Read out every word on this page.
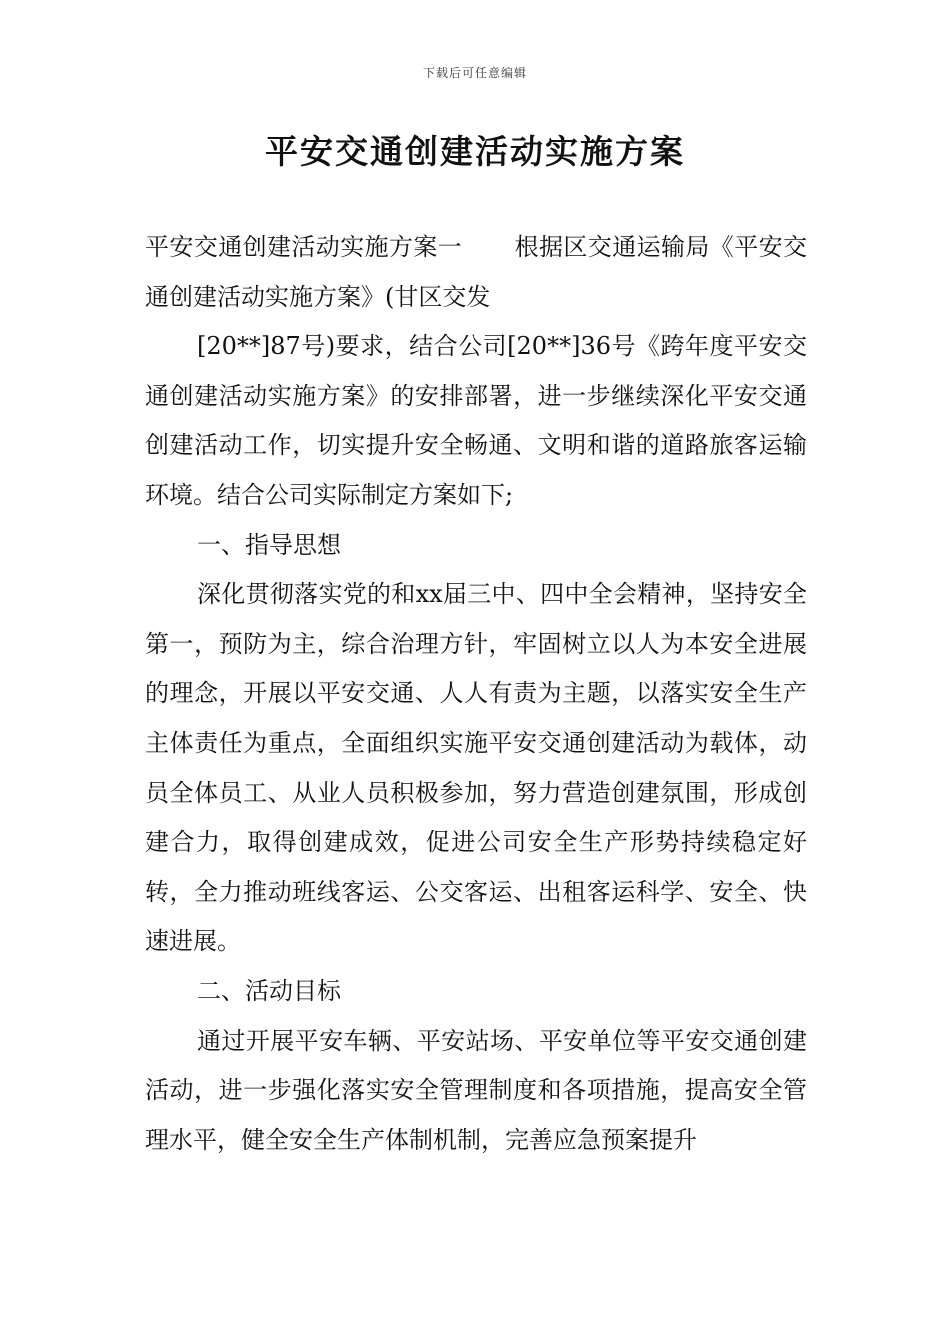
下载后可任意编辑
平安交通创建活动实施方案

平安交通创建活动实施方案一 根据区交通运输局《平安交通创建活动实施方案》(甘区交发

[20**]87号)要求，结合公司[20**]36号《跨年度平安交通创建活动实施方案》的安排部署，进一步继续深化平安交通创建活动工作，切实提升安全畅通、文明和谐的道路旅客运输环境。结合公司实际制定方案如下;

一、指导思想

深化贯彻落实党的和xx届三中、四中全会精神，坚持安全第一，预防为主，综合治理方针，牢固树立以人为本安全进展的理念，开展以平安交通、人人有责为主题，以落实安全生产主体责任为重点，全面组织实施平安交通创建活动为载体，动员全体员工、从业人员积极参加，努力营造创建氛围，形成创建合力，取得创建成效，促进公司安全生产形势持续稳定好转，全力推动班线客运、公交客运、出租客运科学、安全、快速进展。

二、活动目标

通过开展平安车辆、平安站场、平安单位等平安交通创建活动，进一步强化落实安全管理制度和各项措施，提高安全管理水平，健全安全生产体制机制，完善应急预案提升
